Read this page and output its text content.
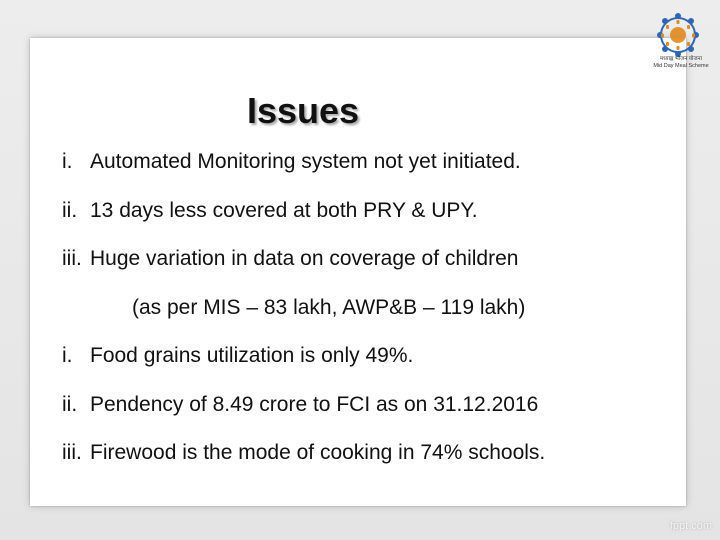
Issues
i. Automated Monitoring system not yet initiated.
ii. 13 days less covered at both PRY & UPY.
iii. Huge variation in data on coverage of children
(as per MIS – 83 lakh, AWP&B – 119 lakh)
i. Food grains utilization is only 49%.
ii. Pendency of 8.49 crore to FCI as on 31.12.2016
iii. Firewood is the mode of cooking in 74% schools.
मध्याह्न भोजन योजना
Mid Day Meal Scheme
fppt.com
